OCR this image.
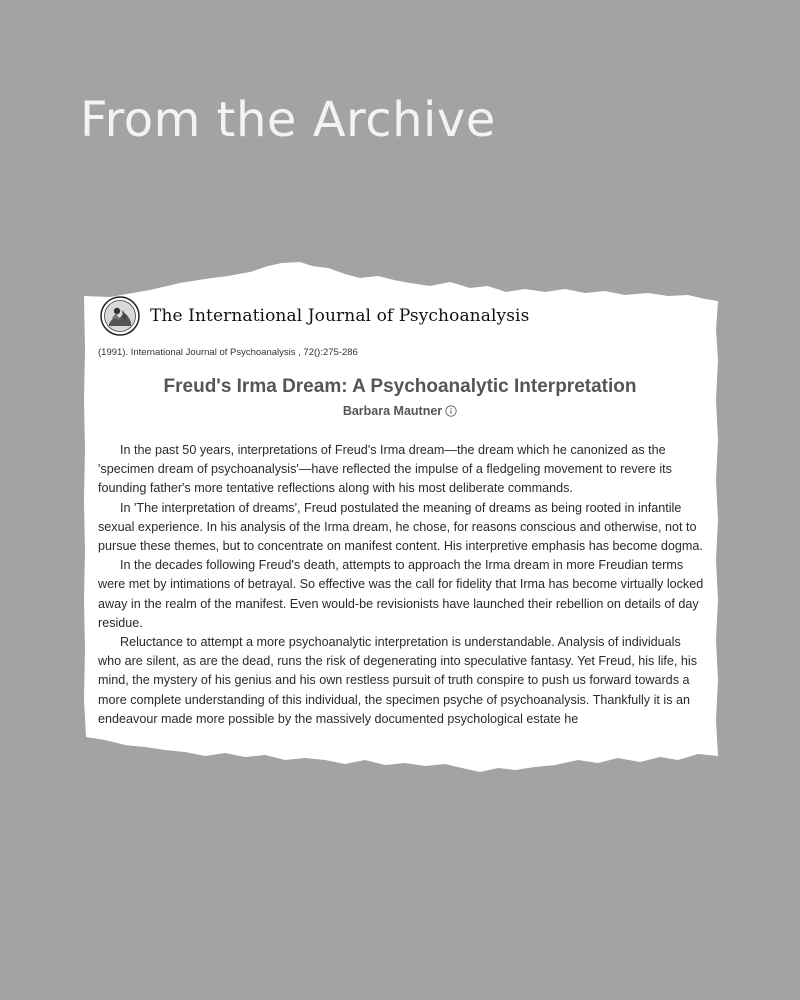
From the Archive
The International Journal of Psychoanalysis
(1991). International Journal of Psychoanalysis , 72():275-286
Freud's Irma Dream: A Psychoanalytic Interpretation
Barbara Mautner

In the past 50 years, interpretations of Freud's Irma dream—the dream which he canonized as the 'specimen dream of psychoanalysis'—have reflected the impulse of a fledgeling movement to revere its founding father's more tentative reflections along with his most deliberate commands.

In 'The interpretation of dreams', Freud postulated the meaning of dreams as being rooted in infantile sexual experience. In his analysis of the Irma dream, he chose, for reasons conscious and otherwise, not to pursue these themes, but to concentrate on manifest content. His interpretive emphasis has become dogma.

In the decades following Freud's death, attempts to approach the Irma dream in more Freudian terms were met by intimations of betrayal. So effective was the call for fidelity that Irma has become virtually locked away in the realm of the manifest. Even would-be revisionists have launched their rebellion on details of day residue.

Reluctance to attempt a more psychoanalytic interpretation is understandable. Analysis of individuals who are silent, as are the dead, runs the risk of degenerating into speculative fantasy. Yet Freud, his life, his mind, the mystery of his genius and his own restless pursuit of truth conspire to push us forward towards a more complete understanding of this individual, the specimen psyche of psychoanalysis. Thankfully it is an endeavour made more possible by the massively documented psychological estate he
